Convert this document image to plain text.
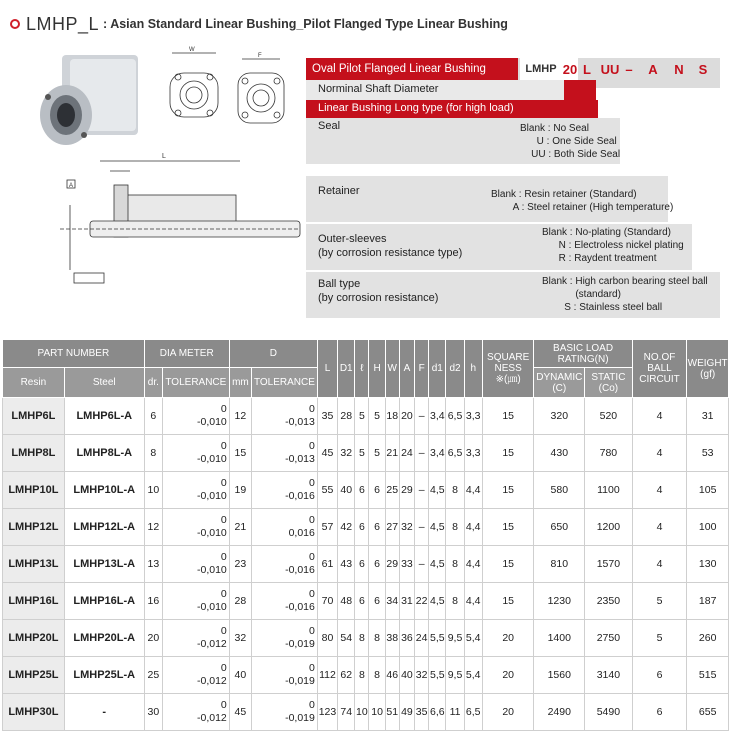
LMHP_L : Asian Standard Linear Bushing_Pilot Flanged Type Linear Bushing
W
F
L
A
Oval Pilot Flanged Linear Bushing	LMHP 20 L UU – A N S
Norminal Shaft Diameter
Linear Bushing Long type (for high load)
Seal	Blank : No Seal
U : One Side Seal
UU : Both Side Seal
Retainer	Blank : Resin retainer (Standard)
A : Steel retainer (High temperature)
Outer-sleeves
(by corrosion resistance type)
Blank : No-plating (Standard)
N : Electroless nickel plating
R : Raydent treatment
Ball type
(by corrosion resistance)
Blank : High carbon bearing steel ball
(standard)
S : Stainless steel ball
PART NUMBER		DIA METER		D		L	D1	ℓ	H	W	A	F	d1	d2	h	SQUARE NESS ※(㎛)	BASIC LOAD RATING(N)		NO.OF BALL CIRCUIT	WEIGHT (gf)
Resin	Steel	dr.	TOLERANCE	mm	TOLERANCE												DYNAMIC (C)	STATIC (Co)		
LMHP6L	LMHP6L-A	6	0
-0,010	12	0
-0,013	35	28	5	5	18	20	–	3,4	6,5	3,3	15	320	520	4	31
LMHP8L	LMHP8L-A	8	0
-0,010	15	0
-0,013	45	32	5	5	21	24	–	3,4	6,5	3,3	15	430	780	4	53
LMHP10L	LMHP10L-A	10	0
-0,010	19	0
-0,016	55	40	6	6	25	29	–	4,5	8	4,4	15	580	1100	4	105
LMHP12L	LMHP12L-A	12	0
-0,010	21	0
0,016	57	42	6	6	27	32	–	4,5	8	4,4	15	650	1200	4	100
LMHP13L	LMHP13L-A	13	0
-0,010	23	0
-0,016	61	43	6	6	29	33	–	4,5	8	4,4	15	810	1570	4	130
LMHP16L	LMHP16L-A	16	0
-0,010	28	0
-0,016	70	48	6	6	34	31	22	4,5	8	4,4	15	1230	2350	5	187
LMHP20L	LMHP20L-A	20	0
-0,012	32	0
-0,019	80	54	8	8	38	36	24	5,5	9,5	5,4	20	1400	2750	5	260
LMHP25L	LMHP25L-A	25	0
-0,012	40	0
-0,019	112	62	8	8	46	40	32	5,5	9,5	5,4	20	1560	3140	6	515
LMHP30L	-	30	0
-0,012	45	0
-0,019	123	74	10	10	51	49	35	6,6	11	6,5	20	2490	5490	6	655
